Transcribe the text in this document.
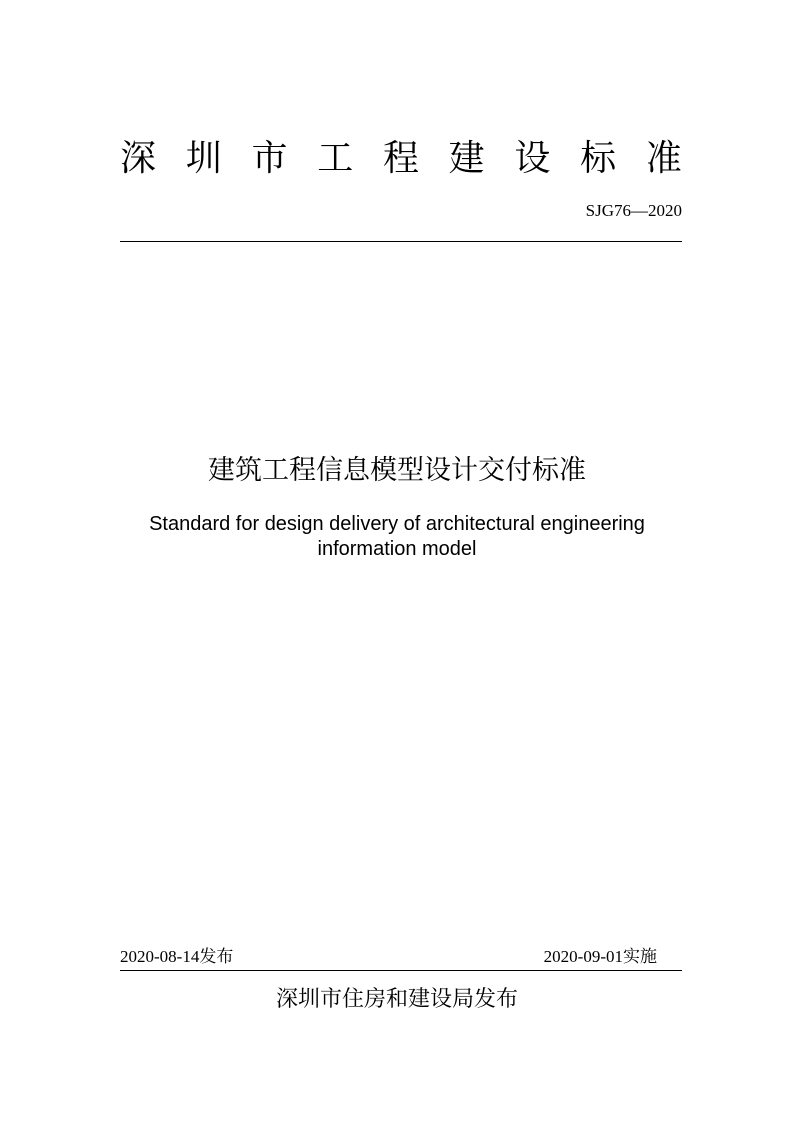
深 圳 市 工 程 建 设 标 准
SJG76—2020
建筑工程信息模型设计交付标准
Standard for design delivery of architectural engineering
information model
2020-08-14发布	2020-09-01实施
深圳市住房和建设局发布
